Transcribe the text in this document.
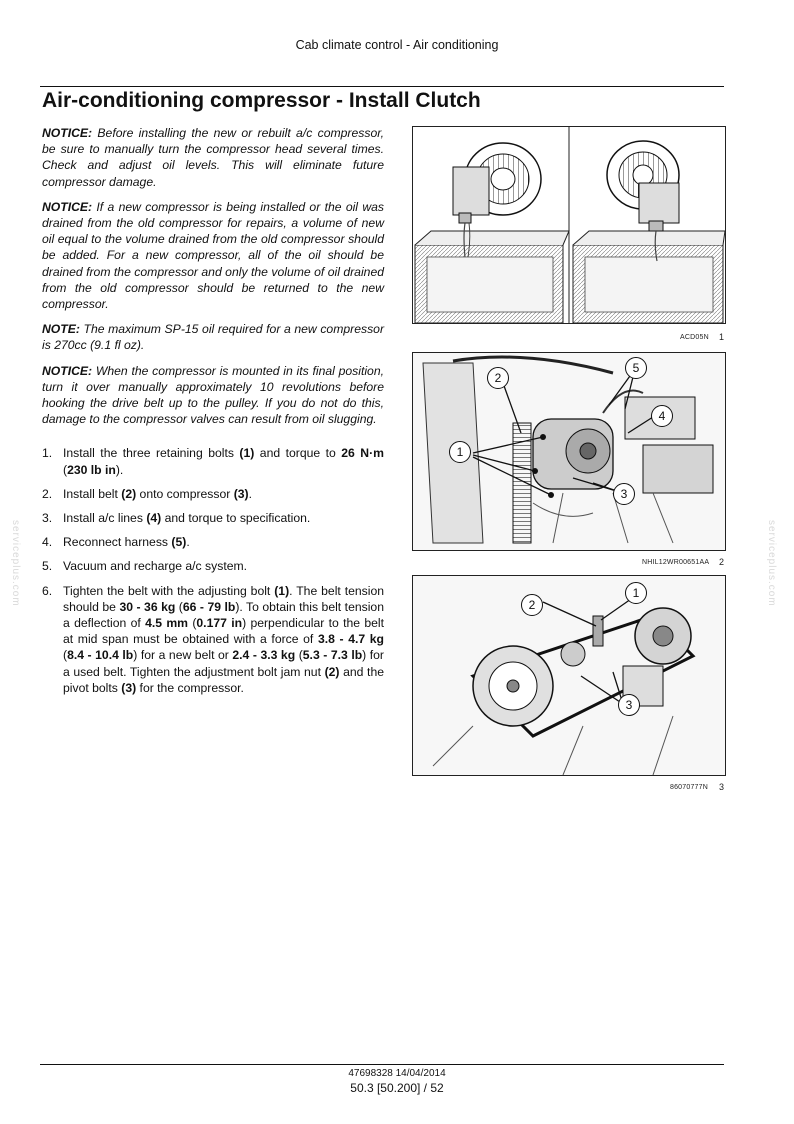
Cab climate control - Air conditioning
Air-conditioning compressor - Install Clutch

NOTICE: Before installing the new or rebuilt a/c compressor, be sure to manually turn the compressor head several times. Check and adjust oil levels. This will eliminate future compressor damage.

NOTICE: If a new compressor is being installed or the oil was drained from the old compressor for repairs, a volume of new oil equal to the volume drained from the old compressor should be added. For a new compressor, all of the oil should be drained from the compressor and only the volume of oil drained from the old compressor should be returned to the new compressor.

NOTE: The maximum SP-15 oil required for a new compressor is 270cc (9.1 fl oz).

NOTICE: When the compressor is mounted in its final position, turn it over manually approximately 10 revolutions before hooking the drive belt up to the pulley. If you do not do this, damage to the compressor valves can result from oil slugging.

1. Install the three retaining bolts (1) and torque to 26 N·m (230 lb in).
2. Install belt (2) onto compressor (3).
3. Install a/c lines (4) and torque to specification.
4. Reconnect harness (5).
5. Vacuum and recharge a/c system.
6. Tighten the belt with the adjusting bolt (1). The belt tension should be 30 - 36 kg (66 - 79 lb). To obtain this belt tension a deflection of 4.5 mm (0.177 in) perpendicular to the belt at mid span must be obtained with a force of 3.8 - 4.7 kg (8.4 - 10.4 lb) for a new belt or 2.4 - 3.3 kg (5.3 - 7.3 lb) for a used belt. Tighten the adjustment bolt jam nut (2) and the pivot bolts (3) for the compressor.
ACD05N 1
1
2
3
4
5
NHIL12WR00651AA 2
1
2
3
86070777N 3
serviceplus.com	serviceplus.com
47698328 14/04/2014
50.3 [50.200] / 52
